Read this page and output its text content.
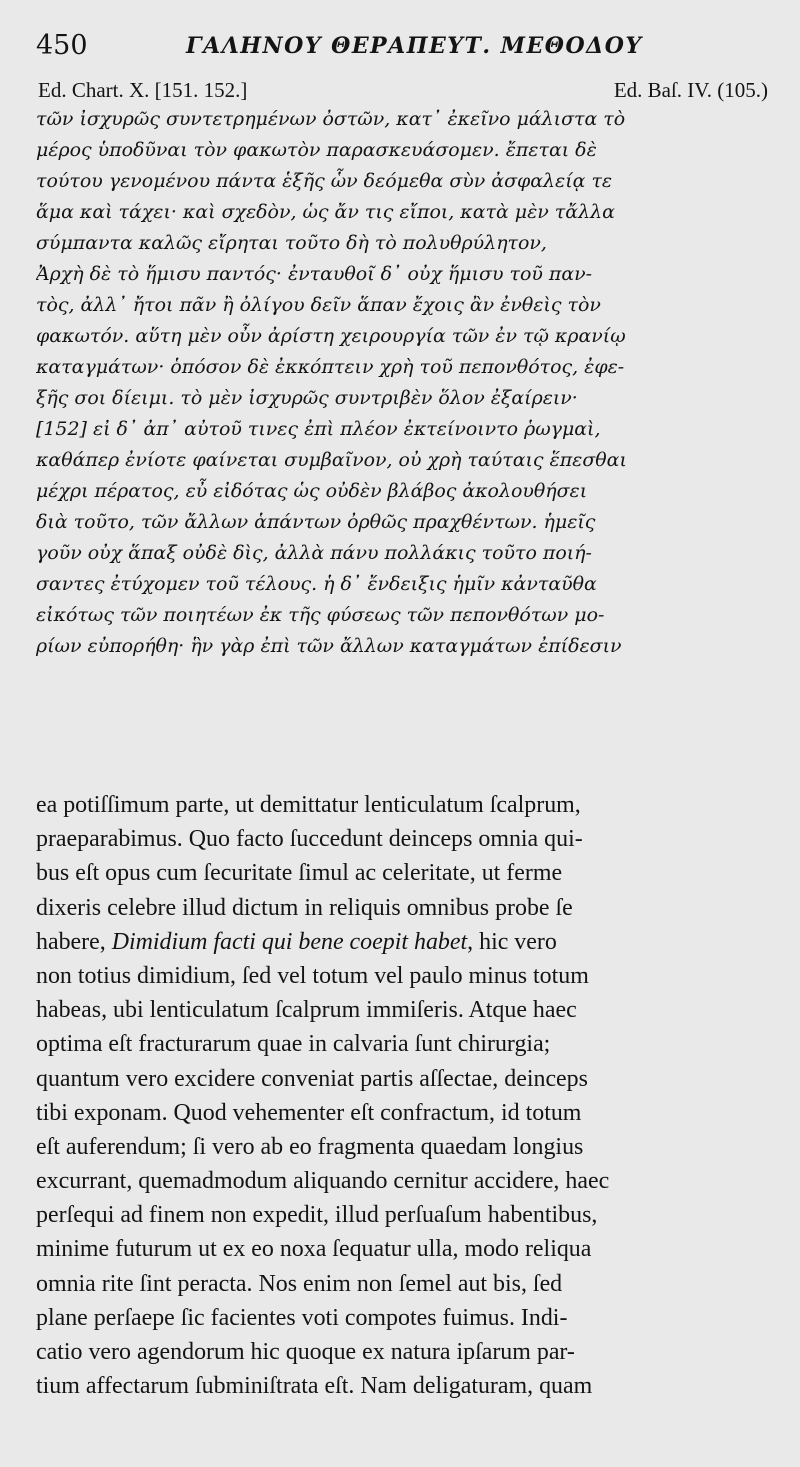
450	ΓΑΛΗΝΟΥ ΘΕΡΑΠΕΥΤ. ΜΕΘΟΔΟΥ
Ed. Chart. X. [151. 152.]	Ed. Baſ. IV. (105.)
τῶν ἰσχυρῶς συντετρημένων ὀστῶν, κατ᾽ ἐκεῖνο μάλιστα τὸ
μέρος ὑποδῦναι τὸν φακωτὸν παρασκευάσομεν. ἔπεται δὲ
τούτου γενομένου πάντα ἑξῆς ὧν δεόμεθα σὺν ἀσφαλείᾳ τε
ἅμα καὶ τάχει· καὶ σχεδὸν, ὡς ἄν τις εἴποι, κατὰ μὲν τἄλλα
σύμπαντα καλῶς εἴρηται τοῦτο δὴ τὸ πολυθρύλητον,
Ἀρχὴ δὲ τὸ ἥμισυ παντός· ἐνταυθοῖ δ᾽ οὐχ ἥμισυ τοῦ παν-
τὸς, ἀλλ᾽ ἤτοι πᾶν ἢ ὀλίγου δεῖν ἅπαν ἔχοις ἂν ἐνθεὶς τὸν
φακωτόν. αὕτη μὲν οὖν ἀρίστη χειρουργία τῶν ἐν τῷ κρανίῳ
καταγμάτων· ὁπόσον δὲ ἐκκόπτειν χρὴ τοῦ πεπονθότος, ἐφε-
ξῆς σοι δίειμι. τὸ μὲν ἰσχυρῶς συντριβὲν ὅλον ἐξαίρειν·
[152] εἰ δ᾽ ἀπ᾽ αὐτοῦ τινες ἐπὶ πλέον ἐκτείνοιντο ῥωγμαὶ,
καθάπερ ἐνίοτε φαίνεται συμβαῖνον, οὐ χρὴ ταύταις ἕπεσθαι
μέχρι πέρατος, εὖ εἰδότας ὡς οὐδὲν βλάβος ἀκολουθήσει
διὰ τοῦτο, τῶν ἄλλων ἁπάντων ὀρθῶς πραχθέντων. ἡμεῖς
γοῦν οὐχ ἅπαξ οὐδὲ δὶς, ἀλλὰ πάνυ πολλάκις τοῦτο ποιή-
σαντες ἐτύχομεν τοῦ τέλους. ἡ δ᾽ ἔνδειξις ἡμῖν κἀνταῦθα
εἰκότως τῶν ποιητέων ἐκ τῆς φύσεως τῶν πεπονθότων μο-
ρίων εὐπορήθη· ἣν γὰρ ἐπὶ τῶν ἄλλων καταγμάτων ἐπίδεσιν
ea potiſſimum parte, ut demittatur lenticulatum ſcalprum,
praeparabimus. Quo facto ſuccedunt deinceps omnia qui-
bus eſt opus cum ſecuritate ſimul ac celeritate, ut ferme
dixeris celebre illud dictum in reliquis omnibus probe ſe
habere, Dimidium facti qui bene coepit habet, hic vero
non totius dimidium, ſed vel totum vel paulo minus totum
habeas, ubi lenticulatum ſcalprum immiſeris. Atque haec
optima eſt fracturarum quae in calvaria ſunt chirurgia;
quantum vero excidere conveniat partis aſſectae, deinceps
tibi exponam. Quod vehementer eſt confractum, id totum
eſt auferendum; ſi vero ab eo fragmenta quaedam longius
excurrant, quemadmodum aliquando cernitur accidere, haec
perſequi ad finem non expedit, illud perſuaſum habentibus,
minime futurum ut ex eo noxa ſequatur ulla, modo reliqua
omnia rite ſint peracta. Nos enim non ſemel aut bis, ſed
plane perſaepe ſic facientes voti compotes fuimus. Indi-
catio vero agendorum hic quoque ex natura ipſarum par-
tium affectarum ſubminiſtrata eſt. Nam deligaturam, quam
